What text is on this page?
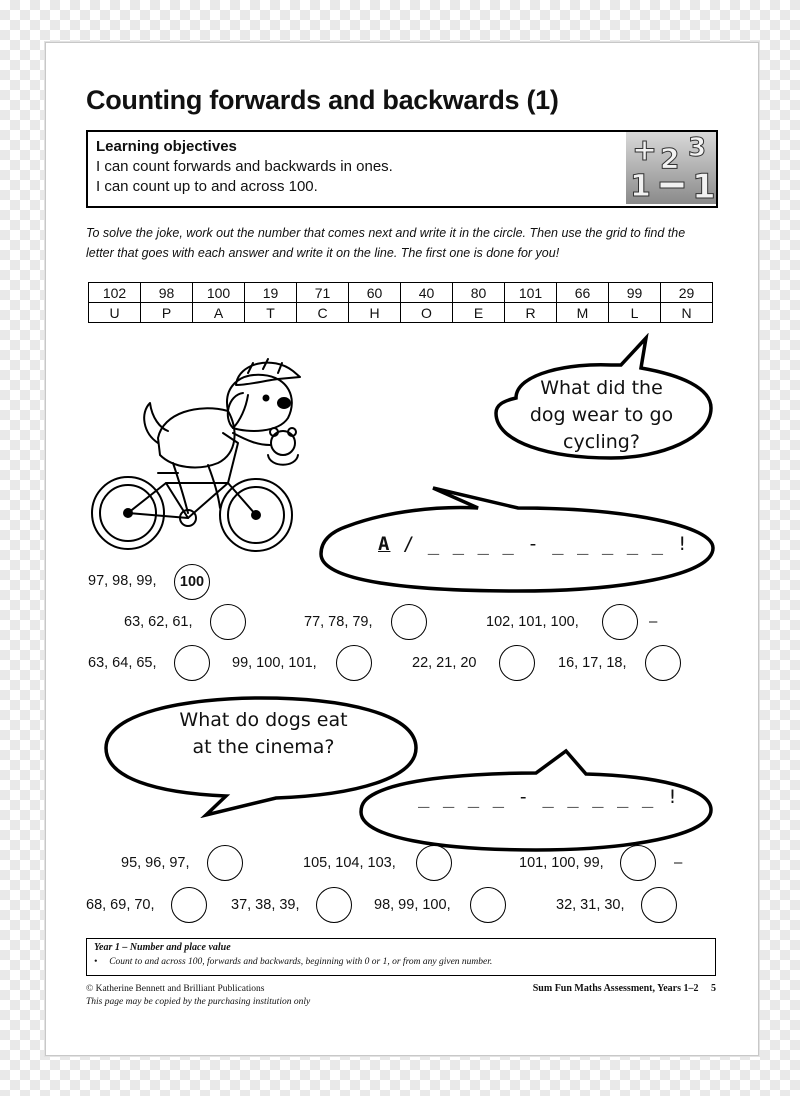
Counting forwards and backwards (1)
Learning objectives
I can count forwards and backwards in ones.
I can count up to and across 100.
+ 2 3
1 1
To solve the joke, work out the number that comes next and write it in the circle. Then use the grid to find the letter that goes with each answer and write it on the line. The first one is done for you!
102	98	100	19	71	60	40	80	101	66	99	29
U	P	A	T	C	H	O	E	R	M	L	N
What did the
dog wear to go
cycling?
A / _ _ _ _ - _ _ _ _ _ !
97, 98, 99,	100
63, 62, 61,	77, 78, 79,	102, 101, 100,	–
63, 64, 65,	99, 100, 101,	22, 21, 20	16, 17, 18,
What do dogs eat
at the cinema?
_ _ _ _ - _ _ _ _ _ !
95, 96, 97,	105, 104, 103,	101, 100, 99,	–
68, 69, 70,	37, 38, 39,	98, 99, 100,	32, 31, 30,
Year 1 – Number and place value
• Count to and across 100, forwards and backwards, beginning with 0 or 1, or from any given number.
© Katherine Bennett and Brilliant Publications
This page may be copied by the purchasing institution only
Sum Fun Maths Assessment, Years 1–2 5
